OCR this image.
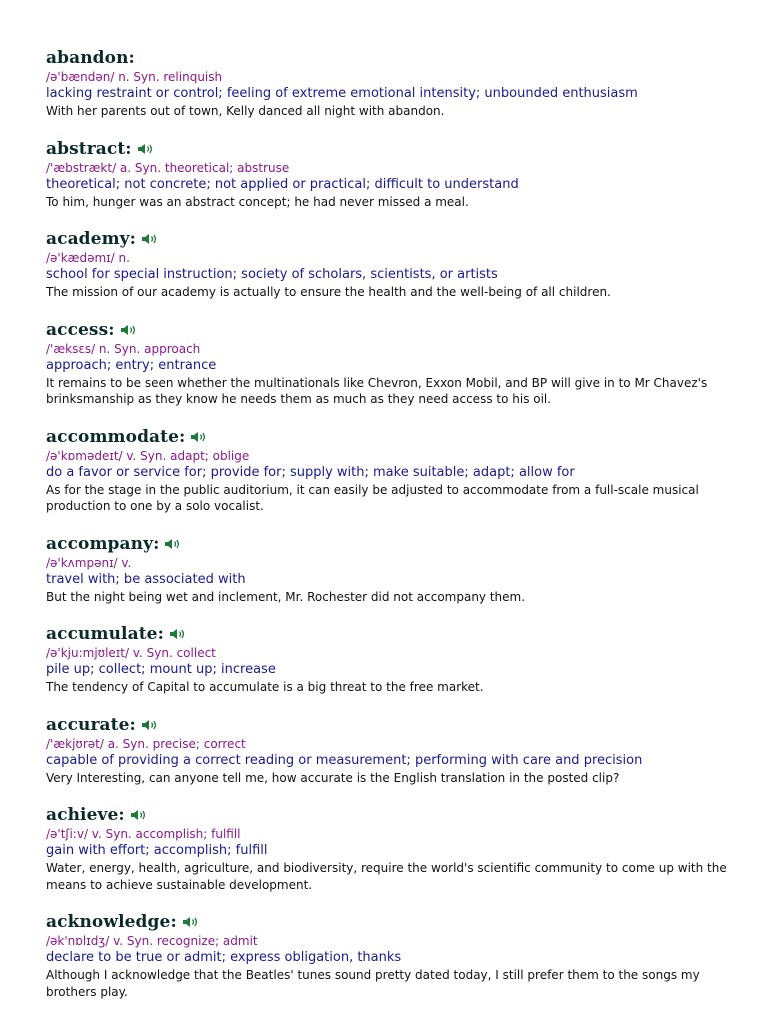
abandon:
/ə'bændən/ n. Syn. relinquish
lacking restraint or control; feeling of extreme emotional intensity; unbounded enthusiasm
With her parents out of town, Kelly danced all night with abandon.
abstract:
/'æbstrækt/ a. Syn. theoretical; abstruse
theoretical; not concrete; not applied or practical; difficult to understand
To him, hunger was an abstract concept; he had never missed a meal.
academy:
/ə'kædəmɪ/ n.
school for special instruction; society of scholars, scientists, or artists
The mission of our academy is actually to ensure the health and the well-being of all children.
access:
/'æksɛs/ n. Syn. approach
approach; entry; entrance
It remains to be seen whether the multinationals like Chevron, Exxon Mobil, and BP will give in to Mr Chavez's brinksmanship as they know he needs them as much as they need access to his oil.
accommodate:
/ə'kɒmədeɪt/ v. Syn. adapt; oblige
do a favor or service for; provide for; supply with; make suitable; adapt; allow for
As for the stage in the public auditorium, it can easily be adjusted to accommodate from a full-scale musical production to one by a solo vocalist.
accompany:
/ə'kʌmpənɪ/ v.
travel with; be associated with
But the night being wet and inclement, Mr. Rochester did not accompany them.
accumulate:
/ə'kju:mjʊleɪt/ v. Syn. collect
pile up; collect; mount up; increase
The tendency of Capital to accumulate is a big threat to the free market.
accurate:
/'ækjʊrət/ a. Syn. precise; correct
capable of providing a correct reading or measurement; performing with care and precision
Very Interesting, can anyone tell me, how accurate is the English translation in the posted clip?
achieve:
/ə'tʃi:v/ v. Syn. accomplish; fulfill
gain with effort; accomplish; fulfill
Water, energy, health, agriculture, and biodiversity, require the world's scientific community to come up with the means to achieve sustainable development.
acknowledge:
/ək'nɒlɪdʒ/ v. Syn. recognize; admit
declare to be true or admit; express obligation, thanks
Although I acknowledge that the Beatles' tunes sound pretty dated today, I still prefer them to the songs my brothers play.
